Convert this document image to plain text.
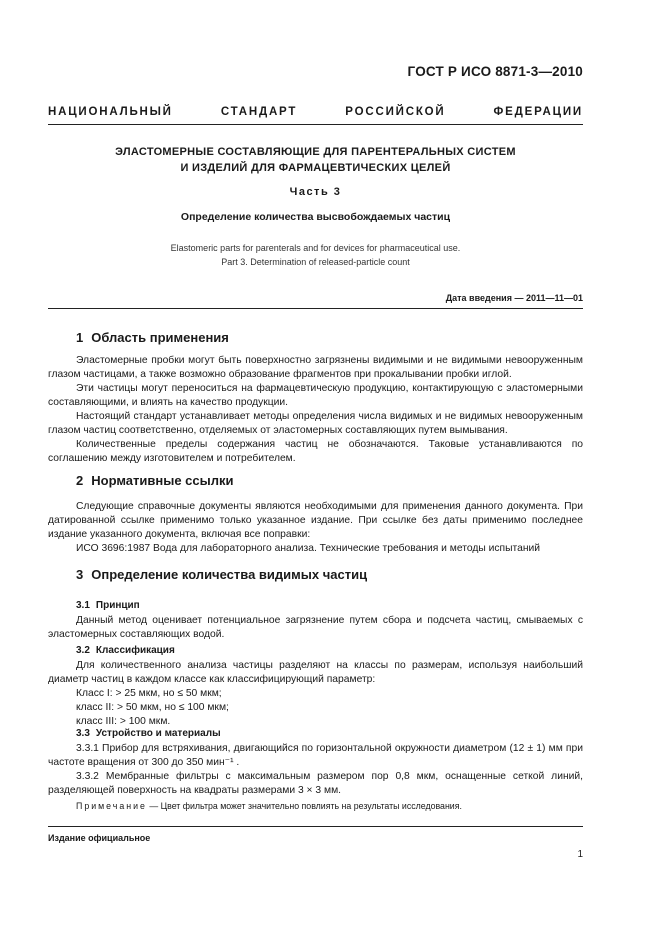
ГОСТ Р ИСО 8871-3—2010
НАЦИОНАЛЬНЫЙ СТАНДАРТ РОССИЙСКОЙ ФЕДЕРАЦИИ
ЭЛАСТОМЕРНЫЕ СОСТАВЛЯЮЩИЕ ДЛЯ ПАРЕНТЕРАЛЬНЫХ СИСТЕМ
И ИЗДЕЛИЙ ДЛЯ ФАРМАЦЕВТИЧЕСКИХ ЦЕЛЕЙ
Часть 3
Определение количества высвобождаемых частиц
Elastomeric parts for parenterals and for devices for pharmaceutical use.
Part 3. Determination of released-particle count
Дата введения — 2011—11—01
1 Область применения

Эластомерные пробки могут быть поверхностно загрязнены видимыми и не видимыми невооруженным глазом частицами, а также возможно образование фрагментов при прокалывании пробки иглой.

Эти частицы могут переноситься на фармацевтическую продукцию, контактирующую с эластомерными составляющими, и влиять на качество продукции.

Настоящий стандарт устанавливает методы определения числа видимых и не видимых невооруженным глазом частиц соответственно, отделяемых от эластомерных составляющих путем вымывания.

Количественные пределы содержания частиц не обозначаются. Таковые устанавливаются по соглашению между изготовителем и потребителем.

2 Нормативные ссылки

Следующие справочные документы являются необходимыми для применения данного документа. При датированной ссылке применимо только указанное издание. При ссылке без даты применимо последнее издание указанного документа, включая все поправки:

ИСО 3696:1987 Вода для лабораторного анализа. Технические требования и методы испытаний

3 Определение количества видимых частиц
3.1 Принцип

Данный метод оценивает потенциальное загрязнение путем сбора и подсчета частиц, смываемых с эластомерных составляющих водой.

3.2 Классификация

Для количественного анализа частицы разделяют на классы по размерам, используя наибольший диаметр частиц в каждом классе как классифицирующий параметр:

Класс I: > 25 мкм, но ≤ 50 мкм;

класс II: > 50 мкм, но ≤ 100 мкм;

класс III: > 100 мкм.

3.3 Устройство и материалы

3.3.1 Прибор для встряхивания, двигающийся по горизонтальной окружности диаметром (12 ± 1) мм при частоте вращения от 300 до 350 мин⁻¹ .

3.3.2 Мембранные фильтры с максимальным размером пор 0,8 мкм, оснащенные сеткой линий, разделяющей поверхность на квадраты размерами 3 × 3 мм.

Примечание — Цвет фильтра может значительно повлиять на результаты исследования.
Издание официальное
1
